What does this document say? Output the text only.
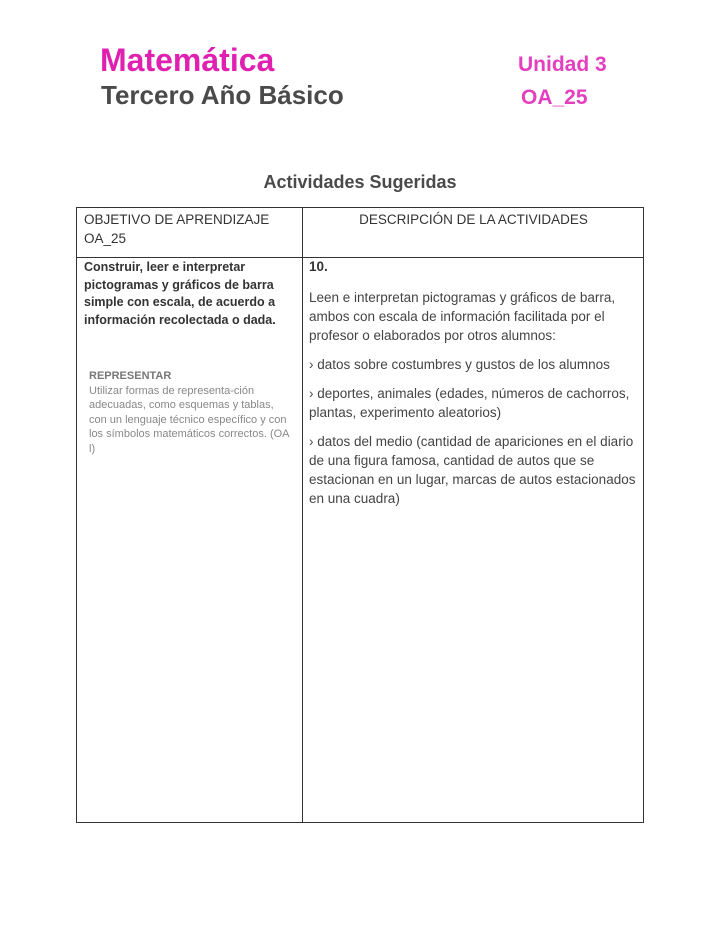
Matemática
Tercero Año Básico
Unidad 3
OA_25
Actividades Sugeridas
OBJETIVO DE APRENDIZAJE OA_25
DESCRIPCIÓN DE LA ACTIVIDADES
Construir, leer e interpretar pictogramas y gráficos de barra simple con escala, de acuerdo a información recolectada o dada.
REPRESENTAR
Utilizar formas de representa-ción adecuadas, como esquemas y tablas, con un lenguaje técnico específico y con los símbolos matemáticos correctos. (OA l)
10.

Leen e interpretan pictogramas y gráficos de barra, ambos con escala de información facilitada por el profesor o elaborados por otros alumnos:

› datos sobre costumbres y gustos de los alumnos

› deportes, animales (edades, números de cachorros, plantas, experimento aleatorios)

› datos del medio (cantidad de apariciones en el diario de una figura famosa, cantidad de autos que se estacionan en un lugar, marcas de autos estacionados en una cuadra)
